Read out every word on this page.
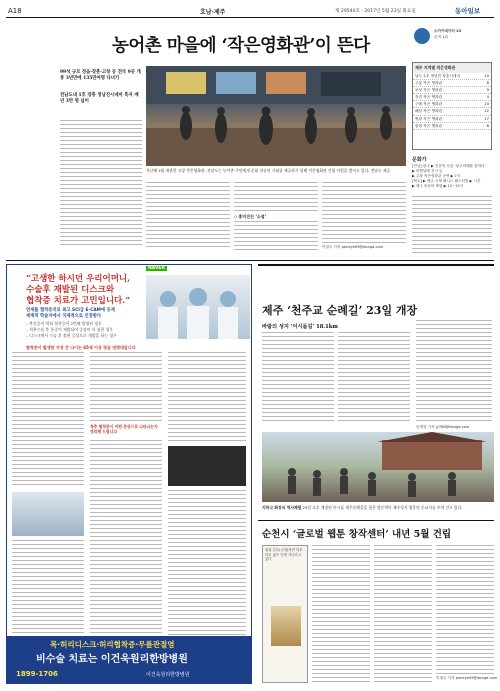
A18	호남·제주	제 29540호 · 2017년 5월 23일 화요일	동아일보
농어촌 마을에 ‘작은영화관’이 뜬다
99석 규모 정읍·장흥·고창 등 전국 9곳 개봉 3년만에 135만여명 다녀가
전남도내 1호 장흥 정남진시네마 흑자 매년 3만 명 넘어
지난해 2월 개관한 고창 작은영화관. 전남도는 농어촌 주민에게 문화 향유의 기회를 제공하기 위해 작은영화관 건립 사업을 벌이고 있다. 전남도 제공
◇ 흥미진진 ‘소셜’
이형주 기자 peneye09@donga.com
스카이데이터 13
본적 1위
제주 지역별 작은영화관
남도 1호 정남진 장흥시네마	10
고흥 작은 영화관	8
보성 작은 영화관	9
강진 작은 영화관	4
구례 작은 영화관	10
해남 작은 영화관	12
영광 작은 영화관	17
함평 작은 영화관	8
문화가
[전남] 광주 ▶ 인문학 특강 ‘광주미래를 말하다’
▶ 비엔날레 전시 등
▶ 고창 작은영화관 공연 ▶ 7시
[제주] ▶ 제주 국제 웰니스 페스티벌 ▶ 시간
▶ 제주 돌문화 체험 ▶ 12~13시
“고생한 하시던 우리어머니,
수술후 재발된 디스크와
협착증 치료가 고민입니다.”
연세를 협착증치료 최고 SCI급 E-CAM에 등재
세계적 학술지에서 국제적으로 인정받다
– 추간공이 막혀 협착증이 2번째 발생된 경우
– 척추수술 후 통증이 재발되어 증상이 더 심한 경우
– 디스크에서 수술 후 불편 증상으로 재발을 하는 경우
NAVER
협착증이 발생한 가장 큰 나이는 65세 이상 평균 연령대입니다
척추 협착증이 어떤 증상으로 나타나는지 정리해 드립니다
목·허리디스크·허리협착증·무릎관절염
비수술 치료는 이건욱원리한방병원
1899-1706	이건욱원리한방병원
제주 ‘천주교 순례길’ 23일 개장
바람의 성지 ‘이시돌길’ 18.1km
임재영 기자 jy788@donga.com
지하고 화장식 역사체험 23일 오후 개장된 이시돌 제주순례길을 찾은 방문객이 제주성지 영웅의 순교지를 보며 걷고 있다.
순천시 ‘글로벌 웹툰 창작센터’ 내년 5월 건립
이형주 기자 peneye09@donga.com
위험 감수(수영)하면 하루하루 좋은 인생 기다리고 있다
